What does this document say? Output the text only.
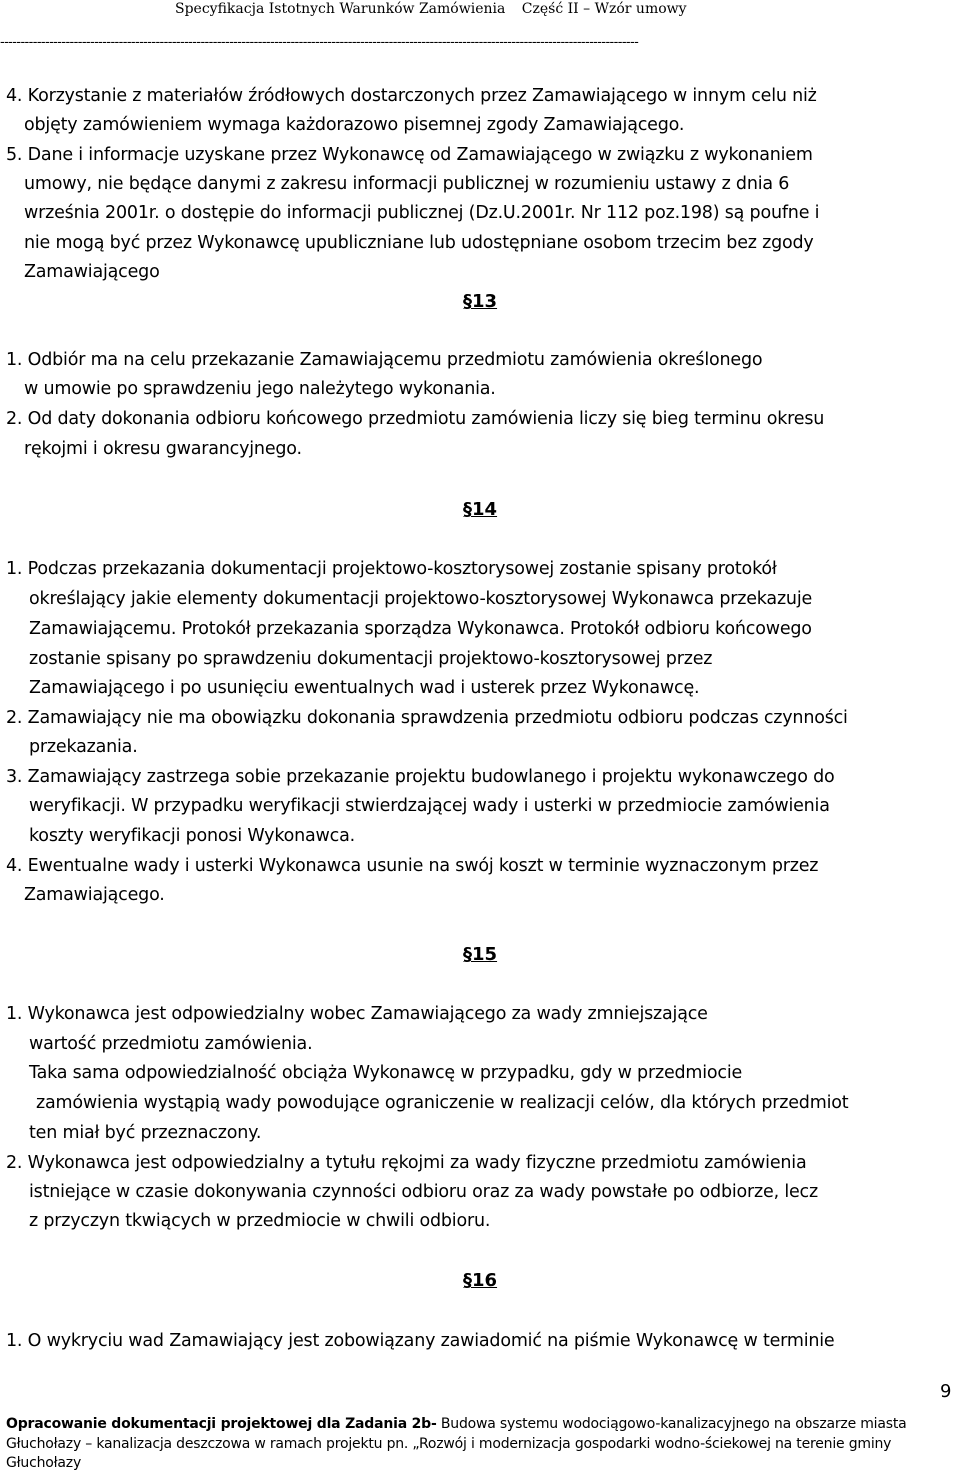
Specyfikacja Istotnych Warunków Zamówienia Część II – Wzór umowy
------------------------------------------------------------------------------------------------------------------------------------------------------------
4. Korzystanie z materiałów źródłowych dostarczonych przez Zamawiającego w innym celu niż
objęty zamówieniem wymaga każdorazowo pisemnej zgody Zamawiającego.
5. Dane i informacje uzyskane przez Wykonawcę od Zamawiającego w związku z wykonaniem
umowy, nie będące danymi z zakresu informacji publicznej w rozumieniu ustawy z dnia 6
września 2001r. o dostępie do informacji publicznej (Dz.U.2001r. Nr 112 poz.198) są poufne i
nie mogą być przez Wykonawcę upubliczniane lub udostępniane osobom trzecim bez zgody
Zamawiającego
§13
1. Odbiór ma na celu przekazanie Zamawiającemu przedmiotu zamówienia określonego
w umowie po sprawdzeniu jego należytego wykonania.
2. Od daty dokonania odbioru końcowego przedmiotu zamówienia liczy się bieg terminu okresu
rękojmi i okresu gwarancyjnego.
§14
1. Podczas przekazania dokumentacji projektowo-kosztorysowej zostanie spisany protokół
określający jakie elementy dokumentacji projektowo-kosztorysowej Wykonawca przekazuje
Zamawiającemu. Protokół przekazania sporządza Wykonawca. Protokół odbioru końcowego
zostanie spisany po sprawdzeniu dokumentacji projektowo-kosztorysowej przez
Zamawiającego i po usunięciu ewentualnych wad i usterek przez Wykonawcę.
2. Zamawiający nie ma obowiązku dokonania sprawdzenia przedmiotu odbioru podczas czynności
przekazania.
3. Zamawiający zastrzega sobie przekazanie projektu budowlanego i projektu wykonawczego do
weryfikacji. W przypadku weryfikacji stwierdzającej wady i usterki w przedmiocie zamówienia
koszty weryfikacji ponosi Wykonawca.
4. Ewentualne wady i usterki Wykonawca usunie na swój koszt w terminie wyznaczonym przez
Zamawiającego.
§15
1. Wykonawca jest odpowiedzialny wobec Zamawiającego za wady zmniejszające
wartość przedmiotu zamówienia.
Taka sama odpowiedzialność obciąża Wykonawcę w przypadku, gdy w przedmiocie
zamówienia wystąpią wady powodujące ograniczenie w realizacji celów, dla których przedmiot
ten miał być przeznaczony.
2. Wykonawca jest odpowiedzialny a tytułu rękojmi za wady fizyczne przedmiotu zamówienia
istniejące w czasie dokonywania czynności odbioru oraz za wady powstałe po odbiorze, lecz
z przyczyn tkwiących w przedmiocie w chwili odbioru.
§16
1. O wykryciu wad Zamawiający jest zobowiązany zawiadomić na piśmie Wykonawcę w terminie
9
Opracowanie dokumentacji projektowej dla Zadania 2b- Budowa systemu wodociągowo-kanalizacyjnego na obszarze miasta
Głuchołazy – kanalizacja deszczowa w ramach projektu pn. „Rozwój i modernizacja gospodarki wodno-ściekowej na terenie gminy
Głuchołazy
